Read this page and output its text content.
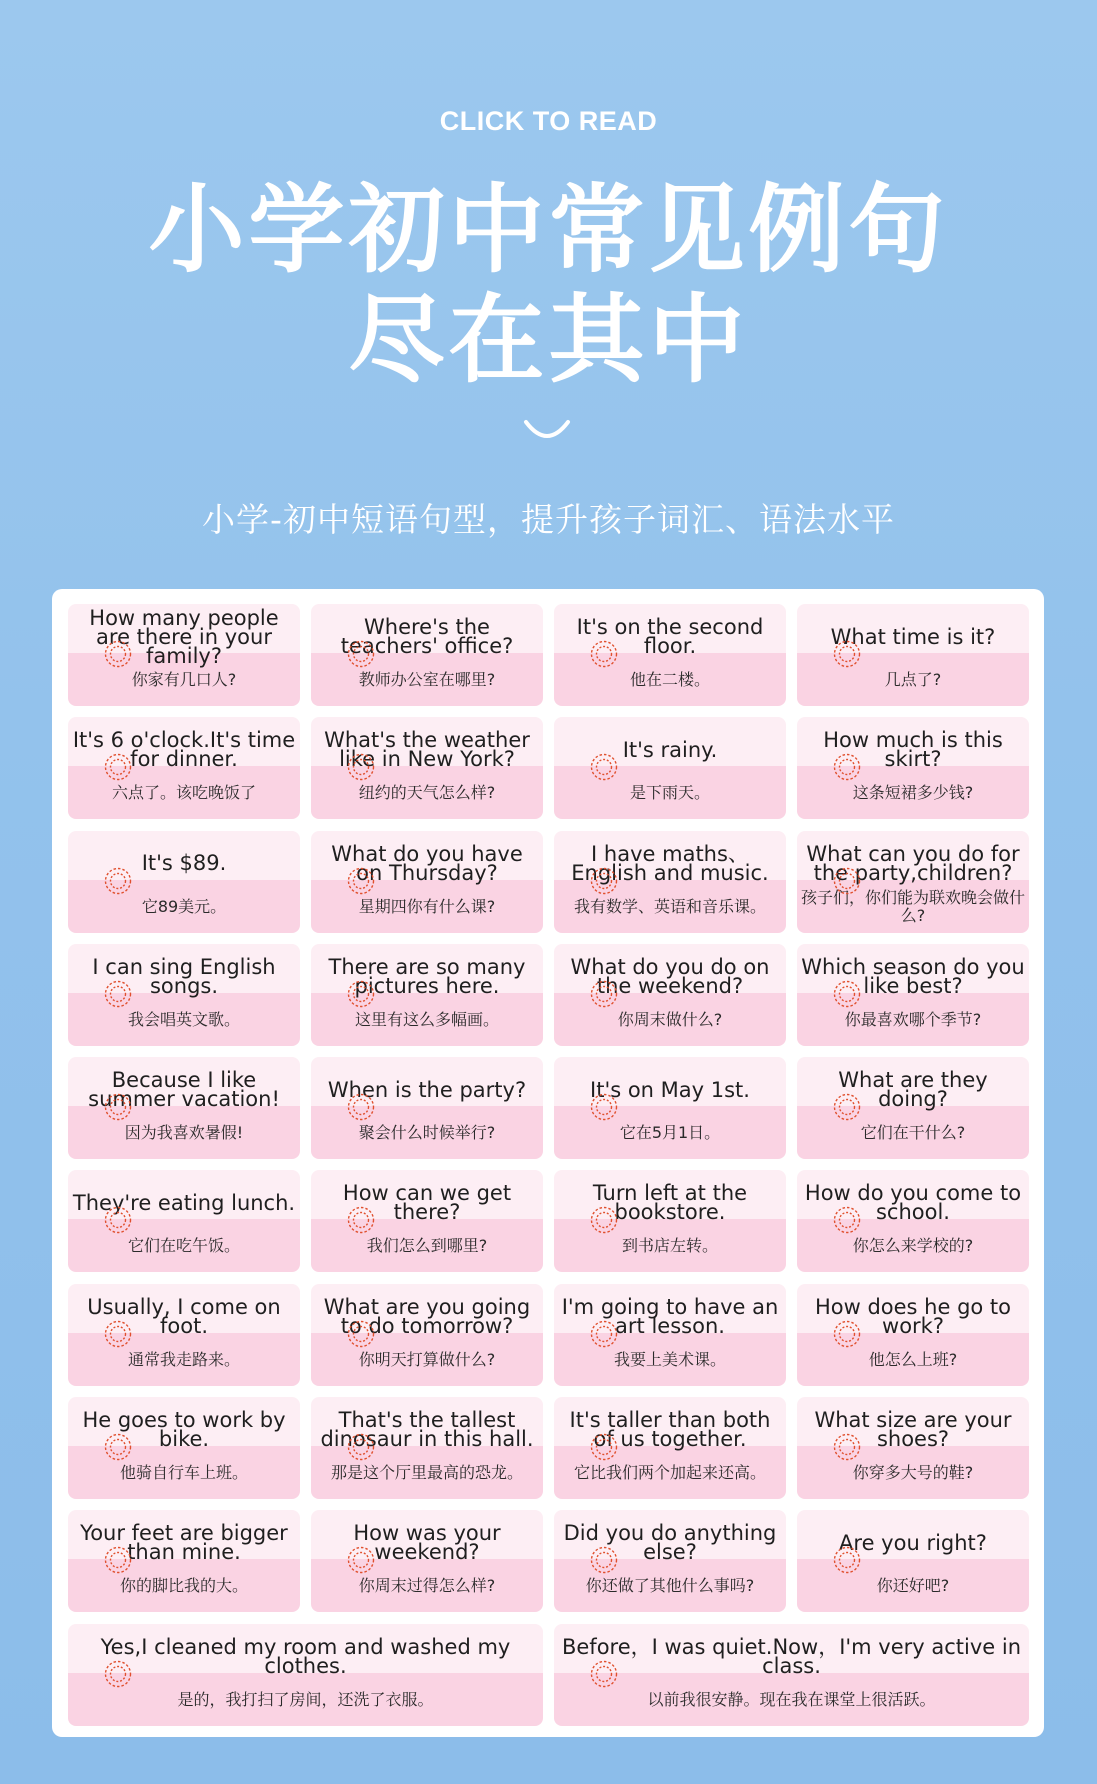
CLICK TO READ
小学初中常见例句
尽在其中
小学-初中短语句型，提升孩子词汇、语法水平
How many people are there in your family?
你家有几口人?
Where's the teachers' office?
教师办公室在哪里?
It's on the second floor.
他在二楼。
What time is it?
几点了?
It's 6 o'clock.It's time for dinner.
六点了。该吃晚饭了
What's the weather like in New York?
纽约的天气怎么样?
It's rainy.
是下雨天。
How much is this skirt?
这条短裙多少钱?
It's $89.
它89美元。
What do you have on Thursday?
星期四你有什么课?
I have maths、English and music.
我有数学、英语和音乐课。
What can you do for the party,children?
孩子们，你们能为联欢晚会做什么?
I can sing English songs.
我会唱英文歌。
There are so many pictures here.
这里有这么多幅画。
What do you do on the weekend?
你周末做什么?
Which season do you like best?
你最喜欢哪个季节?
Because I like summer vacation!
因为我喜欢暑假!
When is the party?
聚会什么时候举行?
It's on May 1st.
它在5月1日。
What are they doing?
它们在干什么?
They're eating lunch.
它们在吃午饭。
How can we get there?
我们怎么到哪里?
Turn left at the bookstore.
到书店左转。
How do you come to school.
你怎么来学校的?
Usually, I come on foot.
通常我走路来。
What are you going to do tomorrow?
你明天打算做什么?
I'm going to have an art lesson.
我要上美术课。
How does he go to work?
他怎么上班?
He goes to work by bike.
他骑自行车上班。
That's the tallest dinosaur in this hall.
那是这个厅里最高的恐龙。
It's taller than both of us together.
它比我们两个加起来还高。
What size are your shoes?
你穿多大号的鞋?
Your feet are bigger than mine.
你的脚比我的大。
How was your weekend?
你周末过得怎么样?
Did you do anything else?
你还做了其他什么事吗?
Are you right?
你还好吧?
Yes,I cleaned my room and washed my clothes.
是的，我打扫了房间，还洗了衣服。
Before，I was quiet.Now，I'm very active in class.
以前我很安静。现在我在课堂上很活跃。
